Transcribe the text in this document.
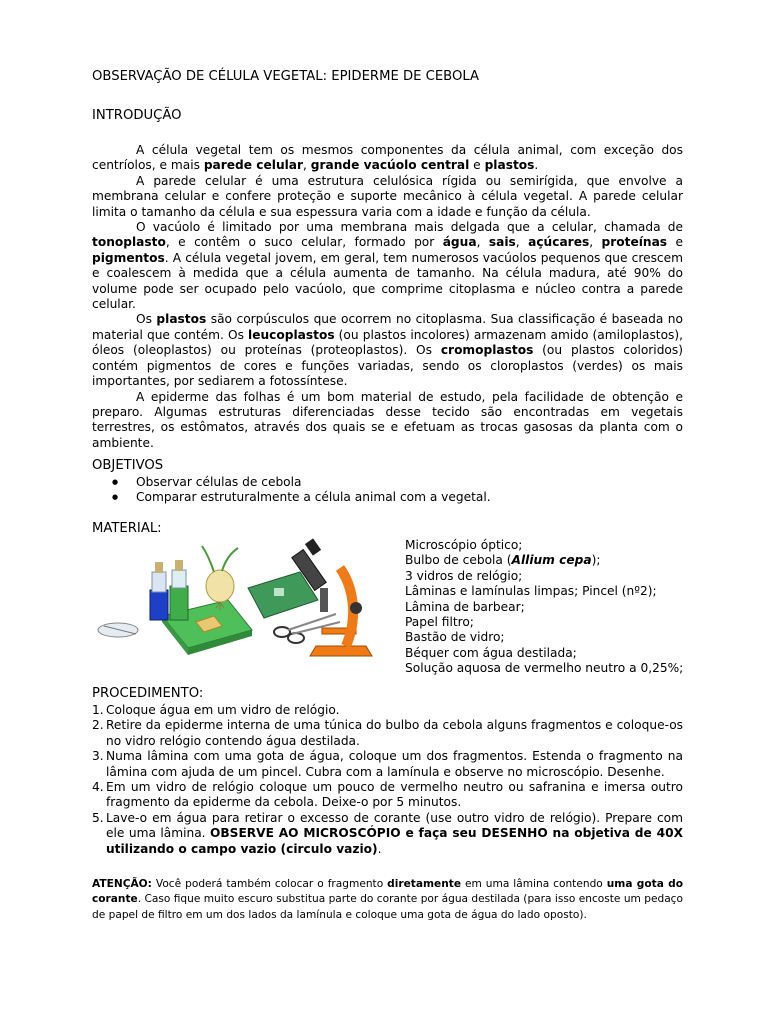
OBSERVAÇÃO DE CÉLULA VEGETAL: EPIDERME DE CEBOLA
INTRODUÇÃO

A célula vegetal tem os mesmos componentes da célula animal, com exceção dos centríolos, e mais parede celular, grande vacúolo central e plastos.

A parede celular é uma estrutura celulósica rígida ou semirígida, que envolve a membrana celular e confere proteção e suporte mecânico à célula vegetal. A parede celular limita o tamanho da célula e sua espessura varia com a idade e função da célula.

O vacúolo é limitado por uma membrana mais delgada que a celular, chamada de tonoplasto, e contêm o suco celular, formado por água, sais, açúcares, proteínas e pigmentos. A célula vegetal jovem, em geral, tem numerosos vacúolos pequenos que crescem e coalescem à medida que a célula aumenta de tamanho. Na célula madura, até 90% do volume pode ser ocupado pelo vacúolo, que comprime citoplasma e núcleo contra a parede celular.

Os plastos são corpúsculos que ocorrem no citoplasma. Sua classificação é baseada no material que contém. Os leucoplastos (ou plastos incolores) armazenam amido (amiloplastos), óleos (oleoplastos) ou proteínas (proteoplastos). Os cromoplastos (ou plastos coloridos) contém pigmentos de cores e funções variadas, sendo os cloroplastos (verdes) os mais importantes, por sediarem a fotossíntese.

A epiderme das folhas é um bom material de estudo, pela facilidade de obtenção e preparo. Algumas estruturas diferenciadas desse tecido são encontradas em vegetais terrestres, os estômatos, através dos quais se e efetuam as trocas gasosas da planta com o ambiente.

OBJETIVOS
● Observar células de cebola
● Comparar estruturalmente a célula animal com a vegetal.
MATERIAL:
Microscópio óptico;
Bulbo de cebola (Allium cepa);
3 vidros de relógio;
Lâminas e lamínulas limpas; Pincel (nº2);
Lâmina de barbear;
Papel filtro;
Bastão de vidro;
Béquer com água destilada;
Solução aquosa de vermelho neutro a 0,25%;
PROCEDIMENTO:
1. Coloque água em um vidro de relógio.
2. Retire da epiderme interna de uma túnica do bulbo da cebola alguns fragmentos e coloque-os no vidro relógio contendo água destilada.
3. Numa lâmina com uma gota de água, coloque um dos fragmentos. Estenda o fragmento na lâmina com ajuda de um pincel. Cubra com a lamínula e observe no microscópio. Desenhe.
4. Em um vidro de relógio coloque um pouco de vermelho neutro ou safranina e imersa outro fragmento da epiderme da cebola. Deixe-o por 5 minutos.
5. Lave-o em água para retirar o excesso de corante (use outro vidro de relógio). Prepare com ele uma lâmina. OBSERVE AO MICROSCÓPIO e faça seu DESENHO na objetiva de 40X utilizando o campo vazio (circulo vazio).

ATENÇÃO: Você poderá também colocar o fragmento diretamente em uma lâmina contendo uma gota do corante. Caso fique muito escuro substitua parte do corante por água destilada (para isso encoste um pedaço de papel de filtro em um dos lados da lamínula e coloque uma gota de água do lado oposto).
